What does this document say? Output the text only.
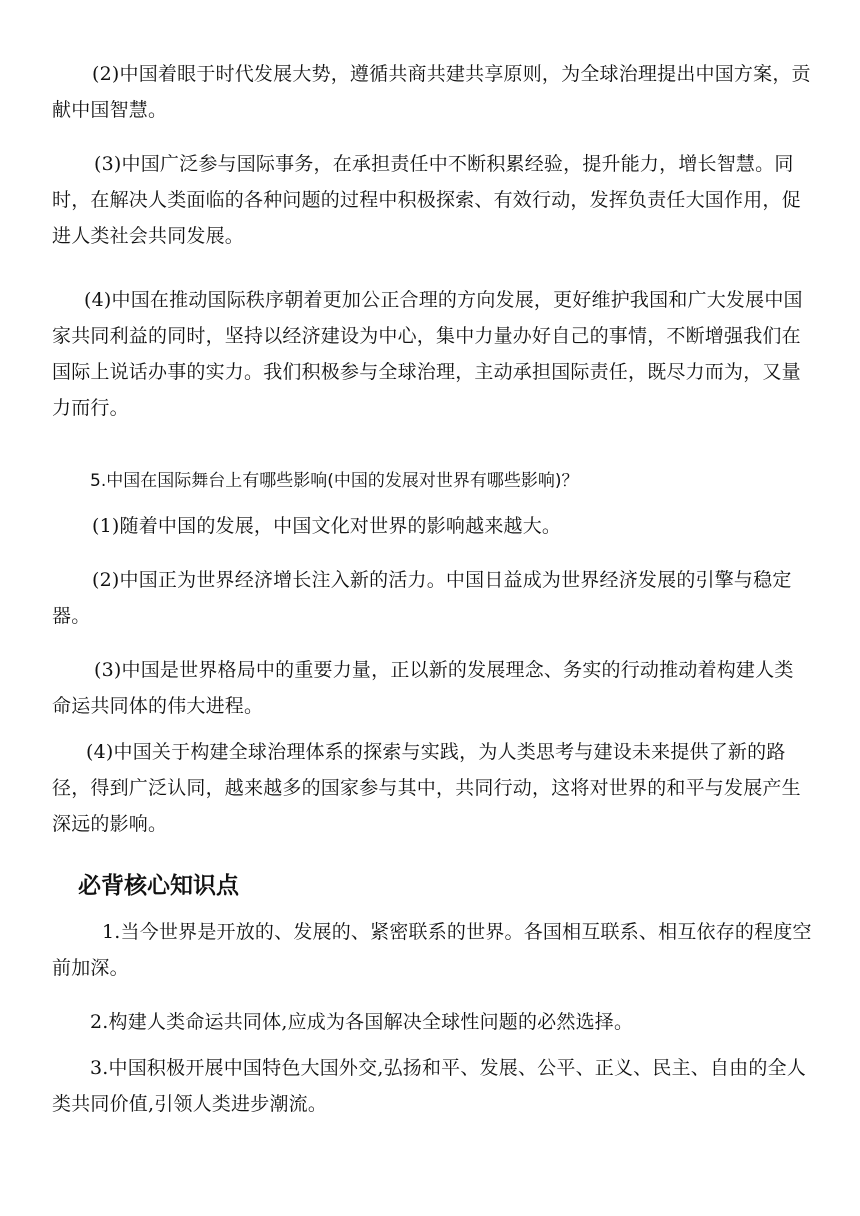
(2)中国着眼于时代发展大势，遵循共商共建共享原则，为全球治理提出中国方案，贡献中国智慧。

(3)中国广泛参与国际事务，在承担责任中不断积累经验，提升能力，增长智慧。同时，在解决人类面临的各种问题的过程中积极探索、有效行动，发挥负责任大国作用，促进人类社会共同发展。

(4)中国在推动国际秩序朝着更加公正合理的方向发展，更好维护我国和广大发展中国家共同利益的同时，坚持以经济建设为中心，集中力量办好自己的事情，不断增强我们在国际上说话办事的实力。我们积极参与全球治理，主动承担国际责任，既尽力而为，又量力而行。

5.中国在国际舞台上有哪些影响(中国的发展对世界有哪些影响)？

(1)随着中国的发展，中国文化对世界的影响越来越大。

(2)中国正为世界经济增长注入新的活力。中国日益成为世界经济发展的引擎与稳定器。

(3)中国是世界格局中的重要力量，正以新的发展理念、务实的行动推动着构建人类命运共同体的伟大进程。

(4)中国关于构建全球治理体系的探索与实践，为人类思考与建设未来提供了新的路径，得到广泛认同，越来越多的国家参与其中，共同行动，这将对世界的和平与发展产生深远的影响。

必背核心知识点

1.当今世界是开放的、发展的、紧密联系的世界。各国相互联系、相互依存的程度空前加深。

2.构建人类命运共同体,应成为各国解决全球性问题的必然选择。

3.中国积极开展中国特色大国外交,弘扬和平、发展、公平、正义、民主、自由的全人类共同价值,引领人类进步潮流。
